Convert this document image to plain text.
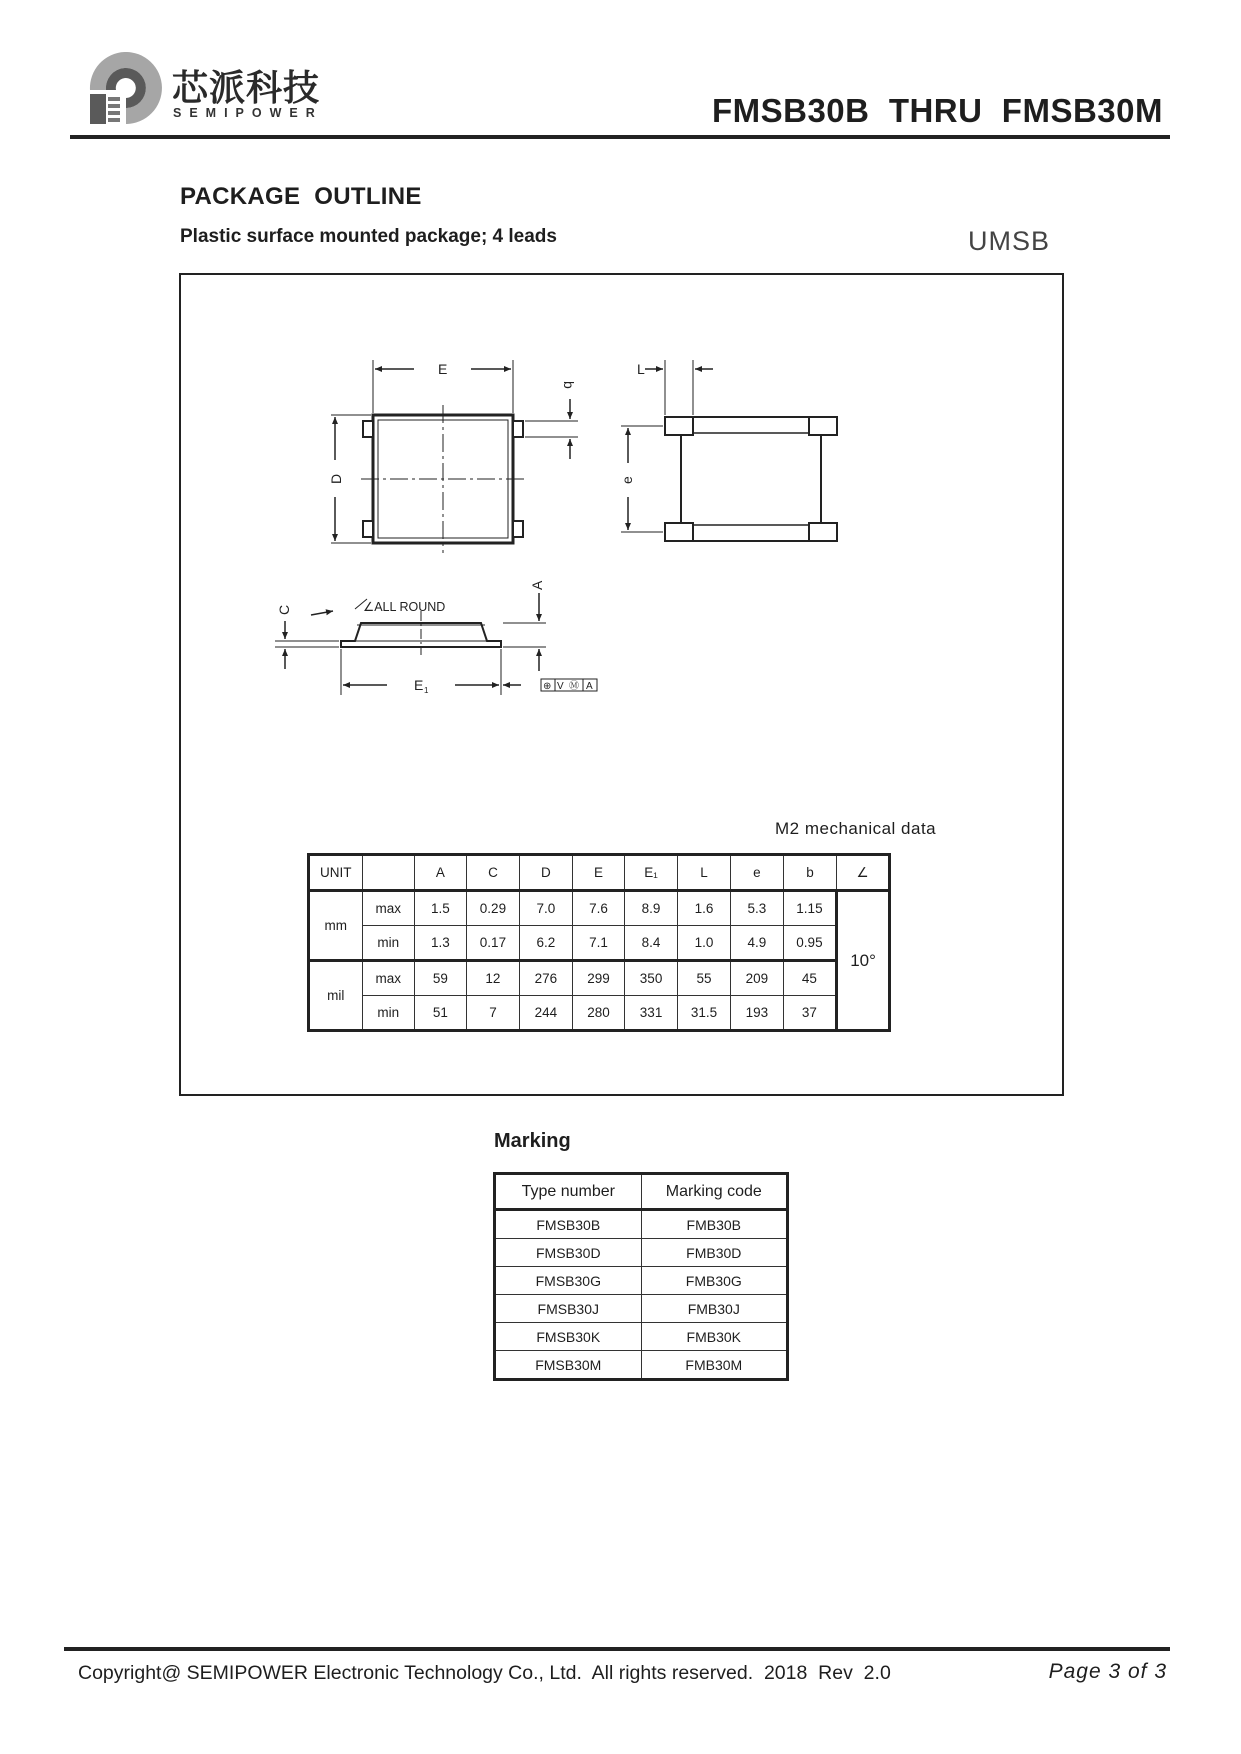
芯派科技
SEMIPOWER	FMSB30B  THRU  FMSB30M
PACKAGE  OUTLINE
Plastic surface mounted package; 4 leads	UMSB
E
b
D
L
e
C
A
E 1
∠ALL ROUND
⊕ V Ⓜ A
M2 mechanical data
UNIT		A	C	D	E	E₁	L	e	b	∠
mm	max	1.5	0.29	7.0	7.6	8.9	1.6	5.3	1.15	10°
	min	1.3	0.17	6.2	7.1	8.4	1.0	4.9	0.95	
mil	max	59	12	276	299	350	55	209	45	
	min	51	7	244	280	331	31.5	193	37	
Marking
Type number	Marking code
FMSB30B	FMB30B
FMSB30D	FMB30D
FMSB30G	FMB30G
FMSB30J	FMB30J
FMSB30K	FMB30K
FMSB30M	FMB30M
Copyright@ SEMIPOWER Electronic Technology Co., Ltd.  All rights reserved.  2018  Rev  2.0	Page 3 of 3
